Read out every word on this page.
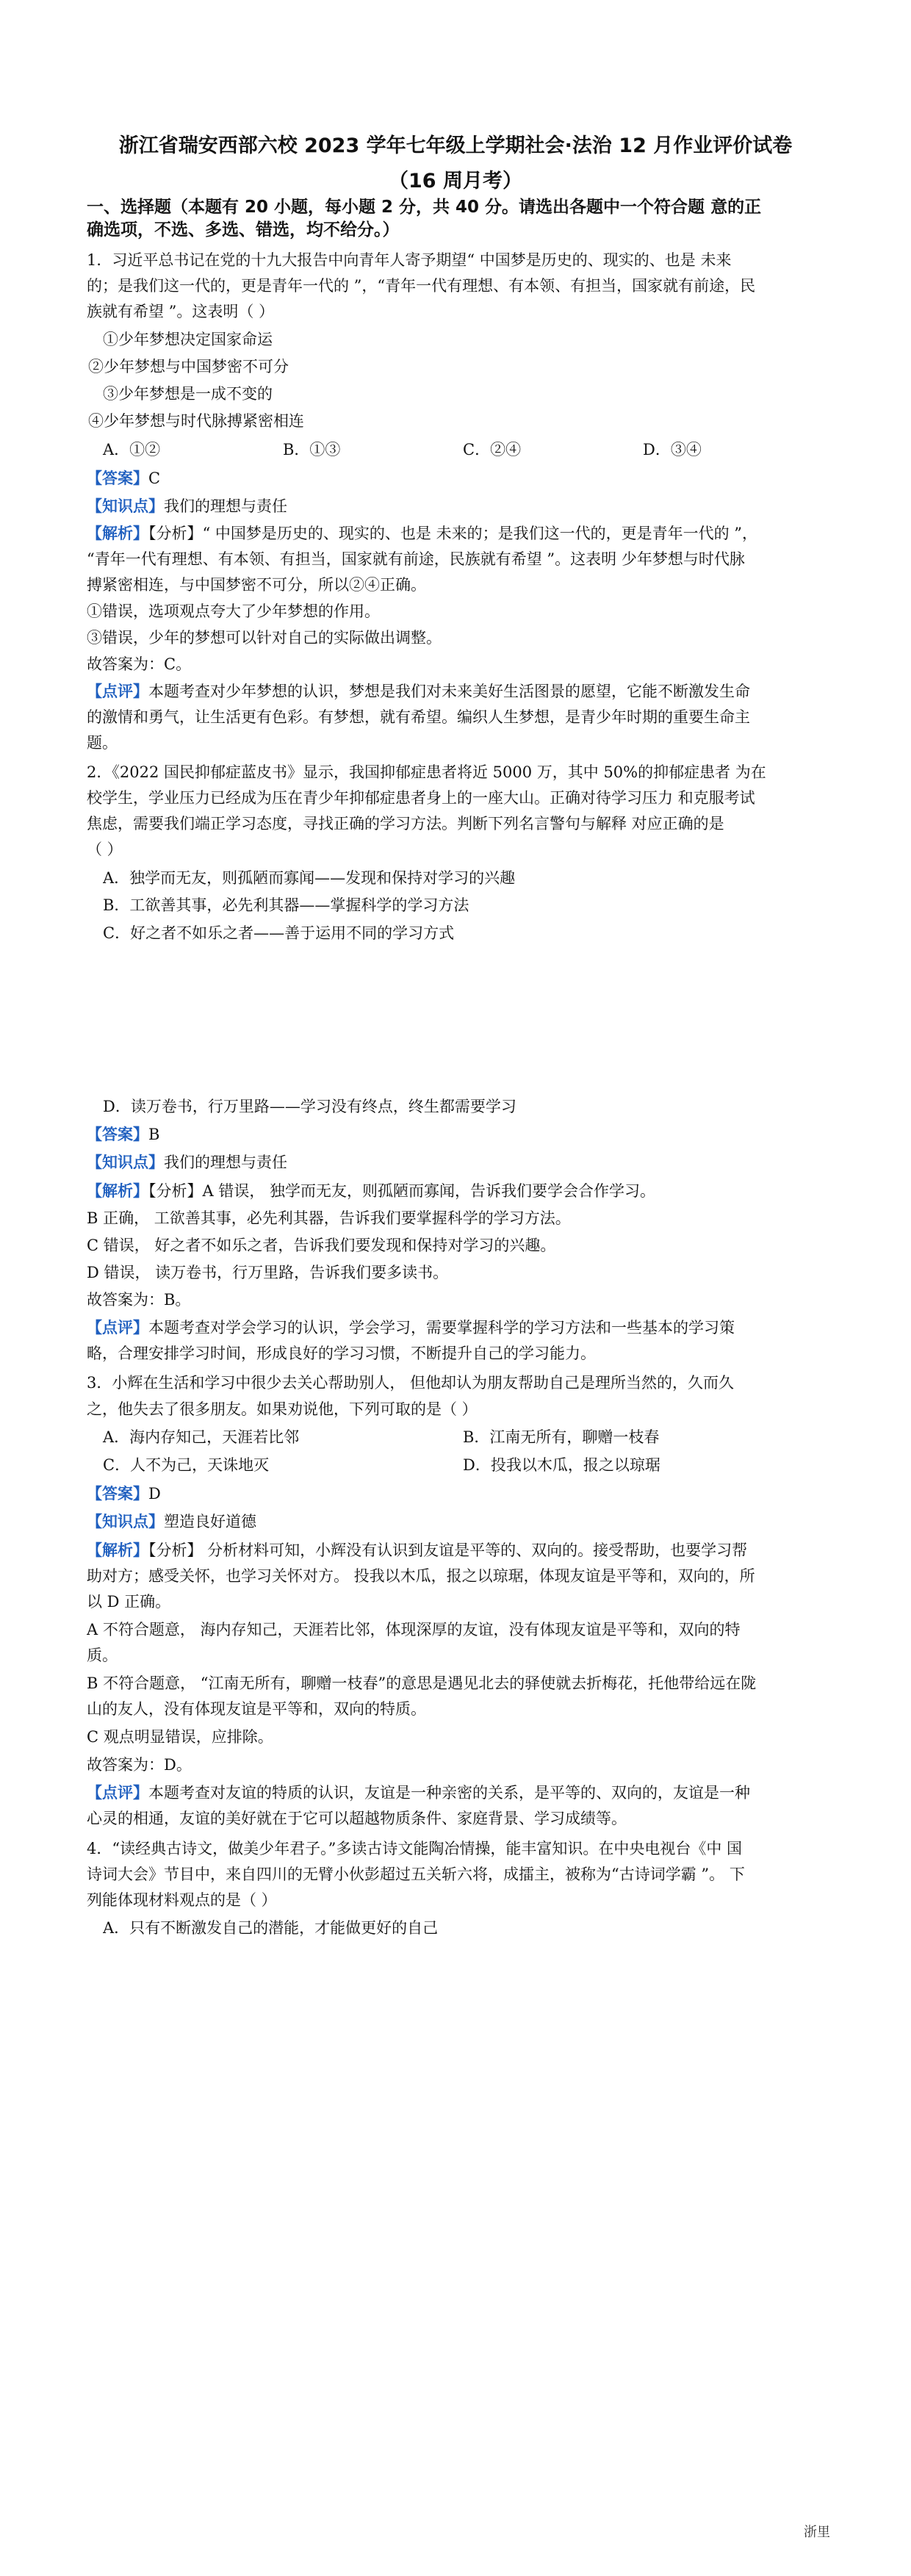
浙江省瑞安西部六校 2023 学年七年级上学期社会·法治 12 月作业评价试卷
（16 周月考）
一、选择题（本题有 20 小题，每小题 2 分，共 40 分。请选出各题中一个符合题 意的正
确选项，不选、多选、错选，均不给分。）
1．习近平总书记在党的十九大报告中向青年人寄予期望“ 中国梦是历史的、现实的、也是 未来
的；是我们这一代的，更是青年一代的 ”，“青年一代有理想、有本领、有担当，国家就有前途，民
族就有希望 ”。这表明（ ）
①少年梦想决定国家命运
②少年梦想与中国梦密不可分
③少年梦想是一成不变的
④少年梦想与时代脉搏紧密相连
A．①②	B．①③	C．②④	D．③④
【答案】C
【知识点】我们的理想与责任
【解析】【分析】“ 中国梦是历史的、现实的、也是 未来的；是我们这一代的，更是青年一代的 ”，
“青年一代有理想、有本领、有担当，国家就有前途，民族就有希望 ”。这表明 少年梦想与时代脉
搏紧密相连，与中国梦密不可分，所以②④正确。
①错误，选项观点夸大了少年梦想的作用。
③错误，少年的梦想可以针对自己的实际做出调整。
故答案为：C。
【点评】本题考查对少年梦想的认识，梦想是我们对未来美好生活图景的愿望，它能不断激发生命
的激情和勇气，让生活更有色彩。有梦想，就有希望。编织人生梦想，是青少年时期的重要生命主
题。
2．《2022 国民抑郁症蓝皮书》显示，我国抑郁症患者将近 5000 万，其中 50%的抑郁症患者 为在
校学生，学业压力已经成为压在青少年抑郁症患者身上的一座大山。正确对待学习压力 和克服考试
焦虑，需要我们端正学习态度，寻找正确的学习方法。判断下列名言警句与解释 对应正确的是
（ ）
A．独学而无友，则孤陋而寡闻——发现和保持对学习的兴趣
B．工欲善其事，必先利其器——掌握科学的学习方法
C．好之者不如乐之者——善于运用不同的学习方式
D．读万卷书，行万里路——学习没有终点，终生都需要学习
【答案】B
【知识点】我们的理想与责任
【解析】【分析】A 错误， 独学而无友，则孤陋而寡闻，告诉我们要学会合作学习。
B 正确， 工欲善其事，必先利其器，告诉我们要掌握科学的学习方法。
C 错误， 好之者不如乐之者，告诉我们要发现和保持对学习的兴趣。
D 错误， 读万卷书，行万里路，告诉我们要多读书。
故答案为：B。
【点评】本题考查对学会学习的认识，学会学习，需要掌握科学的学习方法和一些基本的学习策
略，合理安排学习时间，形成良好的学习习惯，不断提升自己的学习能力。
3．小辉在生活和学习中很少去关心帮助别人， 但他却认为朋友帮助自己是理所当然的，久而久
之，他失去了很多朋友。如果劝说他，下列可取的是（ ）
A．海内存知己，天涯若比邻	B．江南无所有，聊赠一枝春
C．人不为己，天诛地灭	D．投我以木瓜，报之以琼琚
【答案】D
【知识点】塑造良好道德
【解析】【分析】 分析材料可知，小辉没有认识到友谊是平等的、双向的。接受帮助，也要学习帮
助对方；感受关怀，也学习关怀对方。 投我以木瓜，报之以琼琚，体现友谊是平等和，双向的，所
以 D 正确。
A 不符合题意， 海内存知己，天涯若比邻，体现深厚的友谊，没有体现友谊是平等和，双向的特
质。
B 不符合题意， “江南无所有，聊赠一枝春”的意思是遇见北去的驿使就去折梅花，托他带给远在陇
山的友人，没有体现友谊是平等和，双向的特质。
C 观点明显错误，应排除。
故答案为：D。
【点评】本题考查对友谊的特质的认识，友谊是一种亲密的关系，是平等的、双向的，友谊是一种
心灵的相通，友谊的美好就在于它可以超越物质条件、家庭背景、学习成绩等。
4．“读经典古诗文，做美少年君子。”多读古诗文能陶冶情操，能丰富知识。在中央电视台《中 国
诗词大会》节目中，来自四川的无臂小伙彭超过五关斩六将，成擂主，被称为“古诗词学霸 ”。 下
列能体现材料观点的是（ ）
A．只有不断激发自己的潜能，才能做更好的自己
浙里
